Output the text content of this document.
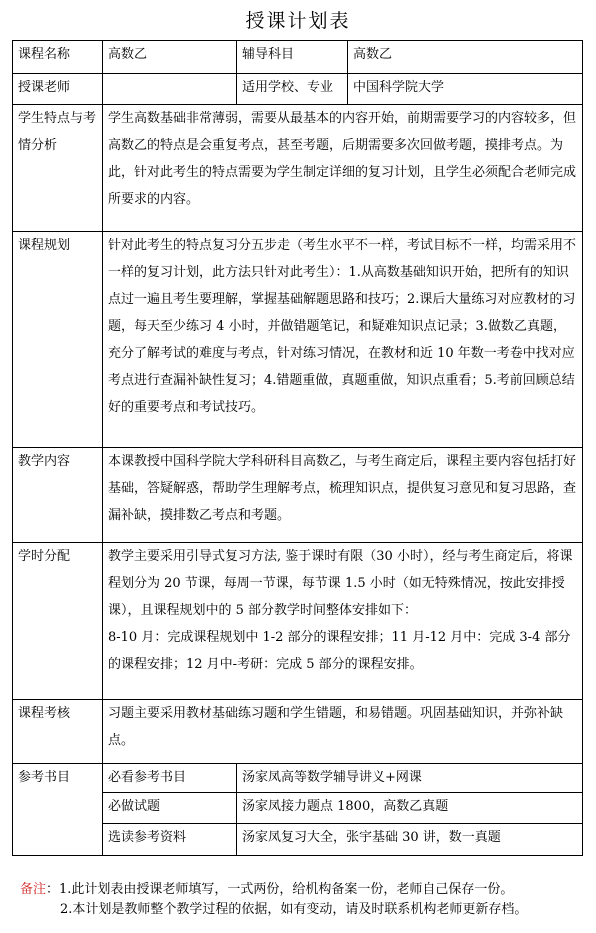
授课计划表
课程名称	高数乙	辅导科目	高数乙
授课老师		适用学校、专业	中国科学院大学
学生特点与考情分析	学生高数基础非常薄弱，需要从最基本的内容开始，前期需要学习的内容较多，但高数乙的特点是会重复考点，甚至考题，后期需要多次回做考题，摸排考点。为此，针对此考生的特点需要为学生制定详细的复习计划，且学生必须配合老师完成所要求的内容。		
课程规划	针对此考生的特点复习分五步走（考生水平不一样，考试目标不一样，均需采用不一样的复习计划，此方法只针对此考生）：1.从高数基础知识开始，把所有的知识点过一遍且考生要理解，掌握基础解题思路和技巧；2.课后大量练习对应教材的习题，每天至少练习 4 小时，并做错题笔记，和疑难知识点记录；3.做数乙真题，充分了解考试的难度与考点，针对练习情况，在教材和近 10 年数一考卷中找对应考点进行查漏补缺性复习；4.错题重做，真题重做，知识点重看；5.考前回顾总结好的重要考点和考试技巧。		
教学内容	本课教授中国科学院大学科研科目高数乙，与考生商定后，课程主要内容包括打好基础，答疑解惑，帮助学生理解考点，梳理知识点，提供复习意见和复习思路，查漏补缺，摸排数乙考点和考题。		
学时分配	教学主要采用引导式复习方法, 鉴于课时有限（30 小时），经与考生商定后，将课程划分为 20 节课，每周一节课，每节课 1.5 小时（如无特殊情况，按此安排授课），且课程规划中的 5 部分教学时间整体安排如下：
8-10 月：完成课程规划中 1-2 部分的课程安排；11 月-12 月中：完成 3-4 部分的课程安排；12 月中-考研：完成 5 部分的课程安排。		

课程考核	习题主要采用教材基础练习题和学生错题，和易错题。巩固基础知识，并弥补缺点。		
参考书目	必看参考书目	汤家凤高等数学辅导讲义+网课	
	必做试题	汤家凤接力题点 1800，高数乙真题	
	选读参考资料	汤家凤复习大全，张宇基础 30 讲，数一真题	
备注：1.此计划表由授课老师填写，一式两份，给机构备案一份，老师自己保存一份。
2.本计划是教师整个教学过程的依据，如有变动，请及时联系机构老师更新存档。
